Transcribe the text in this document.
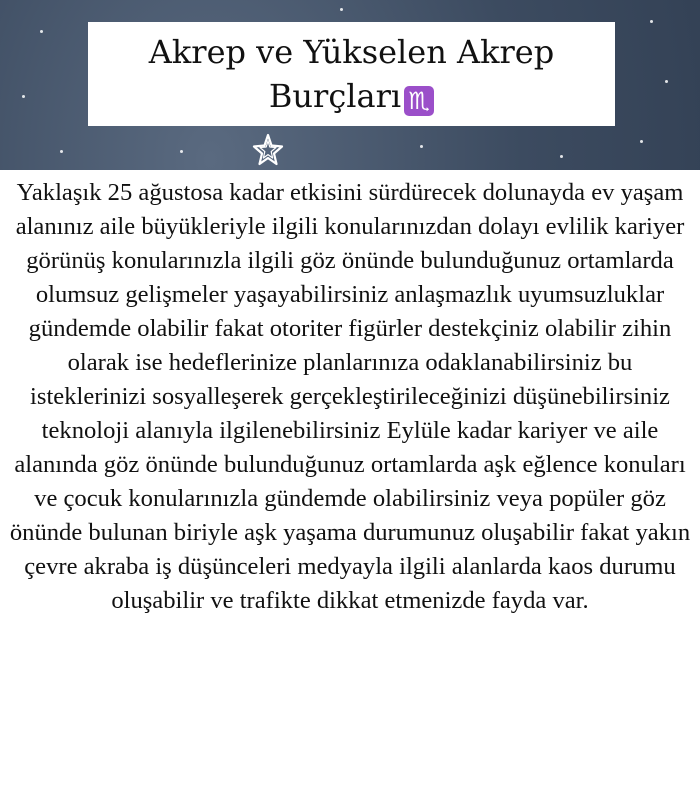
Akrep ve Yükselen Akrep
Burçları ♏

Yaklaşık 25 ağustosa kadar etkisini sürdürecek dolunayda ev yaşam alanınız aile büyükleriyle ilgili konularınızdan dolayı evlilik kariyer görünüş konularınızla ilgili göz önünde bulunduğunuz ortamlarda olumsuz gelişmeler yaşayabilirsiniz anlaşmazlık uyumsuzluklar gündemde olabilir fakat otoriter figürler destekçiniz olabilir zihin olarak ise hedeflerinize planlarınıza odaklanabilirsiniz bu isteklerinizi sosyalleşerek gerçekleştirileceğinizi düşünebilirsiniz teknoloji alanıyla ilgilenebilirsiniz Eylüle kadar kariyer ve aile alanında göz önünde bulunduğunuz ortamlarda aşk eğlence konuları ve çocuk konularınızla gündemde olabilirsiniz veya popüler göz önünde bulunan biriyle aşk yaşama durumunuz oluşabilir fakat yakın çevre akraba iş düşünceleri medyayla ilgili alanlarda kaos durumu oluşabilir ve trafikte dikkat etmenizde fayda var.
